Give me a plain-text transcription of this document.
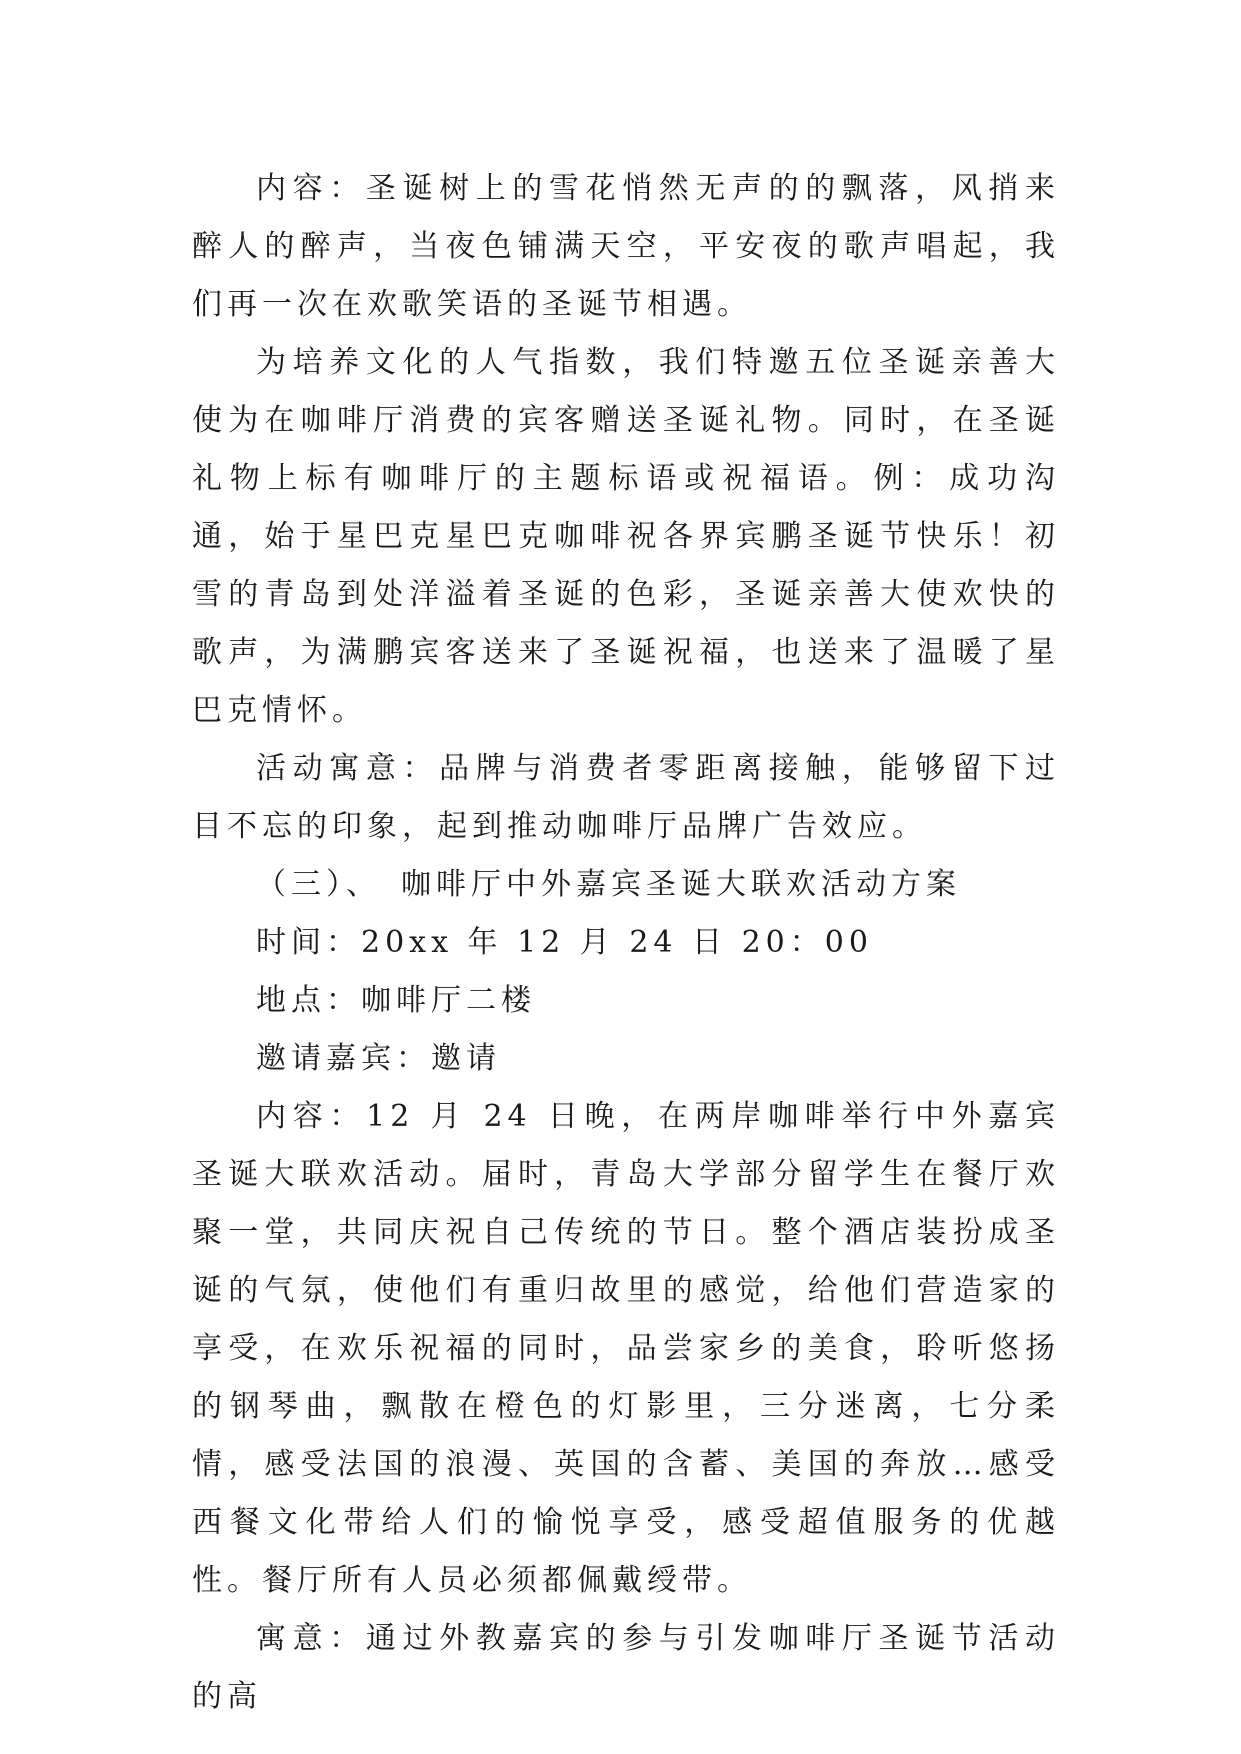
内容：圣诞树上的雪花悄然无声的的飘落，风捎来醉人的醉声，当夜色铺满天空，平安夜的歌声唱起，我们再一次在欢歌笑语的圣诞节相遇。

为培养文化的人气指数，我们特邀五位圣诞亲善大使为在咖啡厅消费的宾客赠送圣诞礼物。同时，在圣诞礼物上标有咖啡厅的主题标语或祝福语。例：成功沟通，始于星巴克星巴克咖啡祝各界宾鹏圣诞节快乐！初雪的青岛到处洋溢着圣诞的色彩，圣诞亲善大使欢快的歌声，为满鹏宾客送来了圣诞祝福，也送来了温暖了星巴克情怀。

活动寓意：品牌与消费者零距离接触，能够留下过目不忘的印象，起到推动咖啡厅品牌广告效应。

（三）、 咖啡厅中外嘉宾圣诞大联欢活动方案

时间：20xx 年 12 月 24 日 20：00

地点：咖啡厅二楼

邀请嘉宾：邀请

内容：12 月 24 日晚，在两岸咖啡举行中外嘉宾圣诞大联欢活动。届时，青岛大学部分留学生在餐厅欢聚一堂，共同庆祝自己传统的节日。整个酒店装扮成圣诞的气氛，使他们有重归故里的感觉，给他们营造家的享受，在欢乐祝福的同时，品尝家乡的美食，聆听悠扬的钢琴曲，飘散在橙色的灯影里，三分迷离，七分柔情，感受法国的浪漫、英国的含蓄、美国的奔放…感受西餐文化带给人们的愉悦享受，感受超值服务的优越性。餐厅所有人员必须都佩戴绶带。

寓意：通过外教嘉宾的参与引发咖啡厅圣诞节活动的高
